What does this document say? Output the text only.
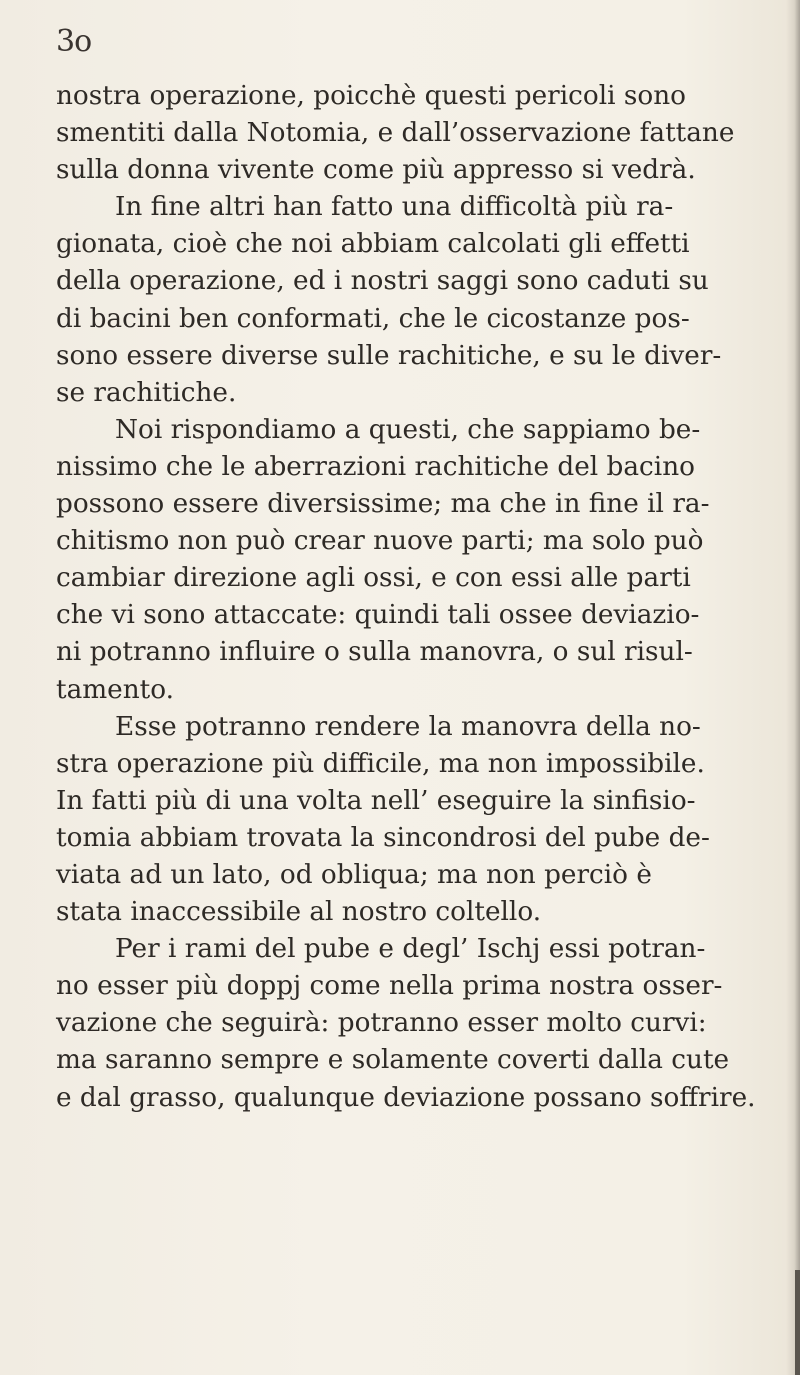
3o
nostra operazione, poicchè questi pericoli sono
smentiti dalla Notomia, e dall’osservazione fattane
sulla donna vivente come più appresso si vedrà.
In fine altri han fatto una difficoltà più ra-
gionata, cioè che noi abbiam calcolati gli effetti
della operazione, ed i nostri saggi sono caduti su
di bacini ben conformati, che le cicostanze pos-
sono essere diverse sulle rachitiche, e su le diver-
se rachitiche.
Noi rispondiamo a questi, che sappiamo be-
nissimo che le aberrazioni rachitiche del bacino
possono essere diversissime; ma che in fine il ra-
chitismo non può crear nuove parti; ma solo può
cambiar direzione agli ossi, e con essi alle parti
che vi sono attaccate: quindi tali ossee deviazio-
ni potranno influire o sulla manovra, o sul risul-
tamento.
Esse potranno rendere la manovra della no-
stra operazione più difficile, ma non impossibile.
In fatti più di una volta nell’ eseguire la sinfisio-
tomia abbiam trovata la sincondrosi del pube de-
viata ad un lato, od obliqua; ma non perciò è
stata inaccessibile al nostro coltello.
Per i rami del pube e degl’ Ischj essi potran-
no esser più doppj come nella prima nostra osser-
vazione che seguirà: potranno esser molto curvi:
ma saranno sempre e solamente coverti dalla cute
e dal grasso, qualunque deviazione possano soffrire.
